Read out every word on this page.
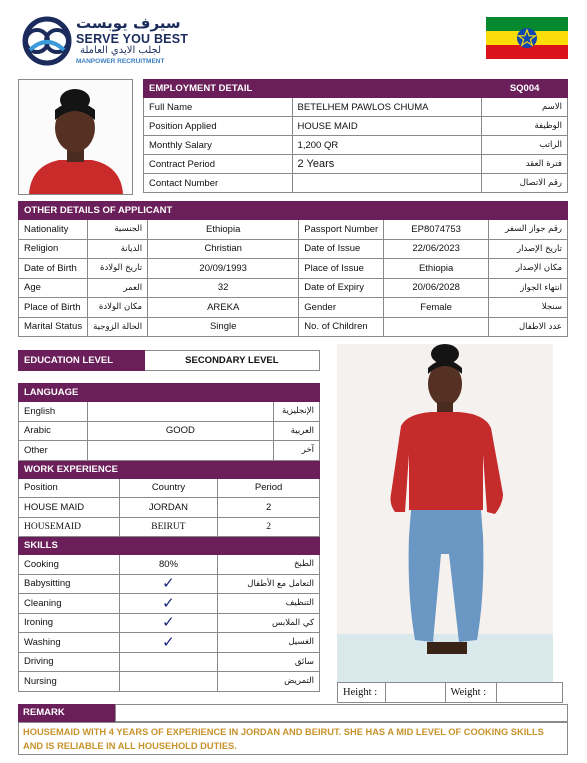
سيرف يوبست
SERVE YOU BEST
لجلب الايدي العاملة
MANPOWER RECRUITMENT
EMPLOYMENT DETAIL		SQ004
Full Name	BETELHEM PAWLOS CHUMA	الاسم
Position Applied	HOUSE MAID	الوظيفة
Monthly Salary	1,200 QR	الراتب
Contract Period	2 Years	فترة العقد
Contact Number		رقم الاتصال
OTHER DETAILS OF APPLICANT					
Nationality	الجنسية	Ethiopia	Passport Number	EP8074753	رقم جواز السفر
Religion	الديانة	Christian	Date of Issue	22/06/2023	تاريخ الإصدار
Date of Birth	تاريخ الولادة	20/09/1993	Place of Issue	Ethiopia	مكان الإصدار
Age	العمر	32	Date of Expiry	20/06/2028	انتهاء الجواز
Place of Birth	مكان الولادة	AREKA	Gender	Female	سنجلا
Marital Status	الحالة الزوجية	Single	No. of Children		عدد الاطفال
EDUCATION LEVEL	SECONDARY LEVEL
LANGUAGE				
English				الإنجليزية
Arabic	GOOD			العربية
Other				آخر
WORK EXPERIENCE				
Position		Country	Period	
HOUSE MAID		JORDAN	2	
HOUSEMAID		BEIRUT	2	
SKILLS				
Cooking		80%	الطبخ	
Babysitting		✓	التعامل مع الأطفال	
Cleaning		✓	التنظيف	
Ironing		✓	كي الملابس	
Washing		✓	الغسيل	
Driving			سائق	
Nursing			التمريض	
Height :		Weight :	
REMARK
HOUSEMAID WITH 4 YEARS OF EXPERIENCE IN JORDAN AND BEIRUT. SHE HAS A MID LEVEL OF COOKING SKILLS AND IS RELIABLE IN ALL HOUSEHOLD DUTIES.
